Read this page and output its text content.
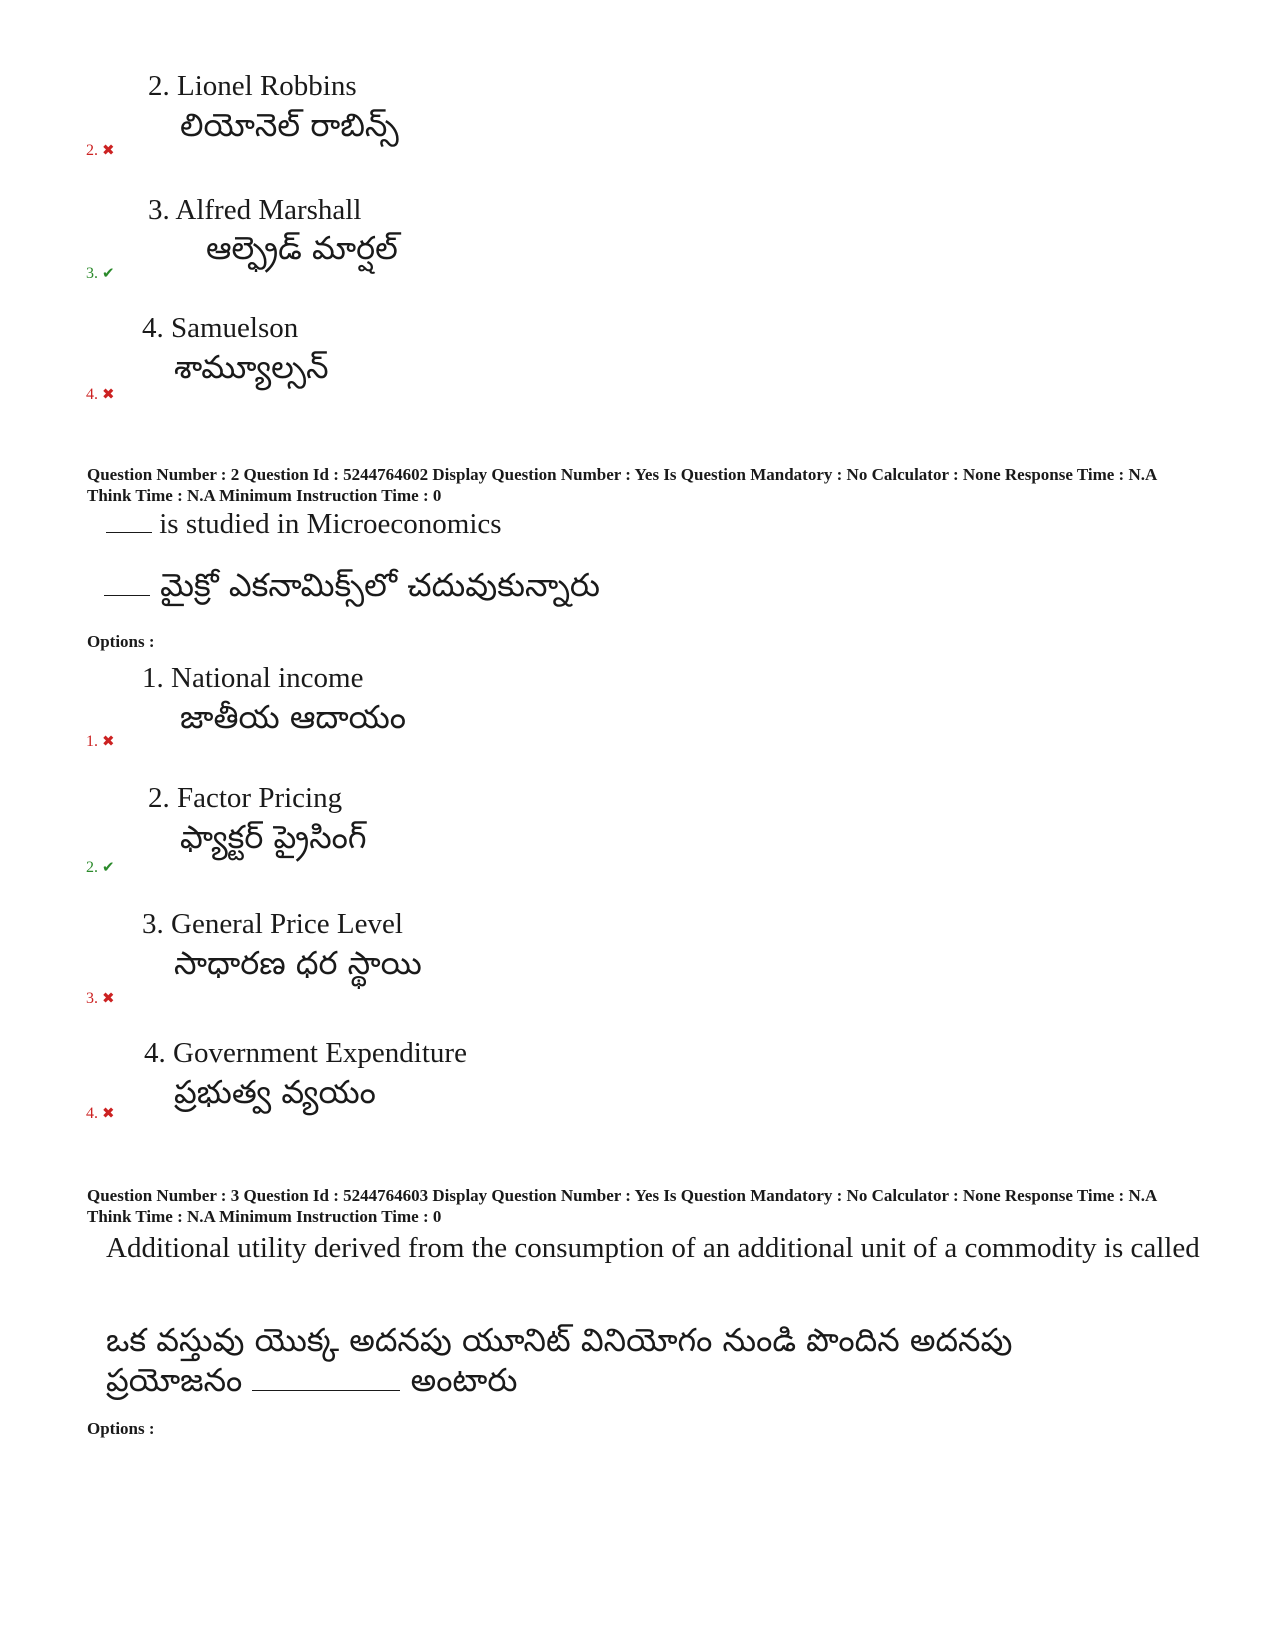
2. Lionel Robbins
లియోనెల్ రాబిన్స్
2. ✖
3. Alfred Marshall
ఆల్ఫ్రెడ్ మార్షల్
3. ✔
4. Samuelson
శామ్యూల్సన్
4. ✖
Question Number : 2 Question Id : 5244764602 Display Question Number : Yes Is Question Mandatory : No Calculator : None Response Time : N.A Think Time : N.A Minimum Instruction Time : 0
is studied in Microeconomics
మైక్రో ఎకనామిక్స్‌లో చదువుకున్నారు
Options :
1. National income
జాతీయ ఆదాయం
1. ✖
2. Factor Pricing
ఫ్యాక్టర్ ప్రైసింగ్
2. ✔
3. General Price Level
సాధారణ ధర స్థాయి
3. ✖
4. Government Expenditure
ప్రభుత్వ వ్యయం
4. ✖
Question Number : 3 Question Id : 5244764603 Display Question Number : Yes Is Question Mandatory : No Calculator : None Response Time : N.A Think Time : N.A Minimum Instruction Time : 0
Additional utility derived from the consumption of an additional unit of a commodity is called
ఒక వస్తువు యొక్క అదనపు యూనిట్ వినియోగం నుండి పొందిన అదనపు
ప్రయోజనం	అంటారు
Options :
